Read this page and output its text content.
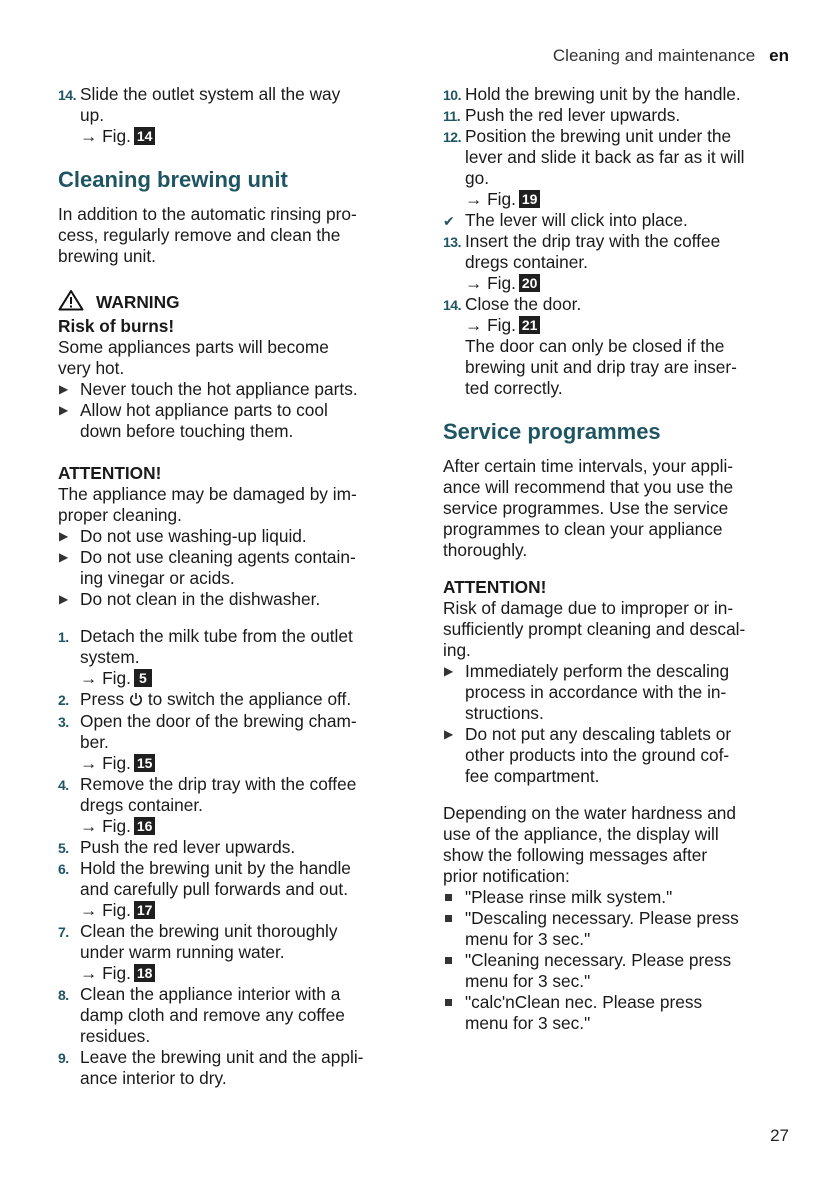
Cleaning and maintenance en
14. Slide the outlet system all the way
up.
→ Fig. 14
Cleaning brewing unit
In addition to the automatic rinsing pro-
cess, regularly remove and clean the
brewing unit.
WARNING
Risk of burns!
Some appliances parts will become
very hot.
▶ Never touch the hot appliance parts.
▶ Allow hot appliance parts to cool
down before touching them.
ATTENTION!
The appliance may be damaged by im-
proper cleaning.
▶ Do not use washing-up liquid.
▶ Do not use cleaning agents contain-
ing vinegar or acids.
▶ Do not clean in the dishwasher.
1. Detach the milk tube from the outlet
system.
→ Fig. 5
2. Press to switch the appliance off.
3. Open the door of the brewing cham-
ber.
→ Fig. 15
4. Remove the drip tray with the coffee
dregs container.
→ Fig. 16
5. Push the red lever upwards.
6. Hold the brewing unit by the handle
and carefully pull forwards and out.
→ Fig. 17
7. Clean the brewing unit thoroughly
under warm running water.
→ Fig. 18
8. Clean the appliance interior with a
damp cloth and remove any coffee
residues.
9. Leave the brewing unit and the appli-
ance interior to dry.
10. Hold the brewing unit by the handle.
11. Push the red lever upwards.
12. Position the brewing unit under the
lever and slide it back as far as it will
go.
→ Fig. 19
✔ The lever will click into place.
13. Insert the drip tray with the coffee
dregs container.
→ Fig. 20
14. Close the door.
→ Fig. 21
The door can only be closed if the
brewing unit and drip tray are inser-
ted correctly.
Service programmes
After certain time intervals, your appli-
ance will recommend that you use the
service programmes. Use the service
programmes to clean your appliance
thoroughly.
ATTENTION!
Risk of damage due to improper or in-
sufficiently prompt cleaning and descal-
ing.
▶ Immediately perform the descaling
process in accordance with the in-
structions.
▶ Do not put any descaling tablets or
other products into the ground cof-
fee compartment.
Depending on the water hardness and
use of the appliance, the display will
show the following messages after
prior notification:
"Please rinse milk system."
"Descaling necessary. Please press
menu for 3 sec."
"Cleaning necessary. Please press
menu for 3 sec."
"calc'nClean nec. Please press
menu for 3 sec."
27
